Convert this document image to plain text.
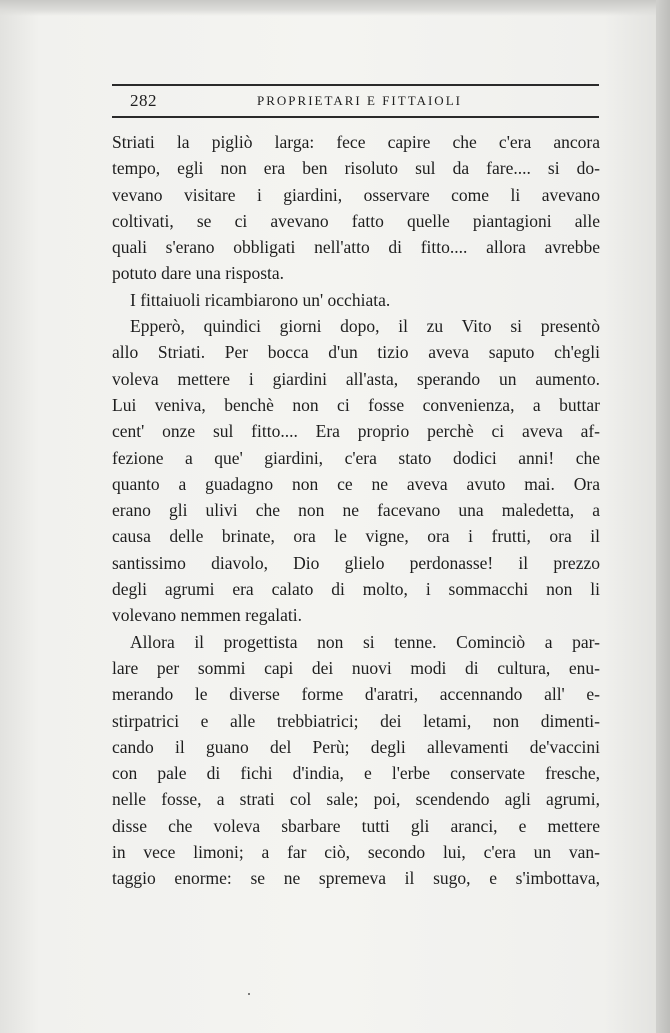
282	PROPRIETARI E FITTAIOLI
Striati la pigliò larga: fece capire che c'era ancora
tempo, egli non era ben risoluto sul da fare.... si do-
vevano visitare i giardini, osservare come li avevano
coltivati, se ci avevano fatto quelle piantagioni alle
quali s'erano obbligati nell'atto di fitto.... allora avrebbe
potuto dare una risposta.
I fittaiuoli ricambiarono un' occhiata.
Epperò, quindici giorni dopo, il zu Vito si presentò
allo Striati. Per bocca d'un tizio aveva saputo ch'egli
voleva mettere i giardini all'asta, sperando un aumento.
Lui veniva, benchè non ci fosse convenienza, a buttar
cent' onze sul fitto.... Era proprio perchè ci aveva af-
fezione a que' giardini, c'era stato dodici anni! che
quanto a guadagno non ce ne aveva avuto mai. Ora
erano gli ulivi che non ne facevano una maledetta, a
causa delle brinate, ora le vigne, ora i frutti, ora il
santissimo diavolo, Dio glielo perdonasse! il prezzo
degli agrumi era calato di molto, i sommacchi non li
volevano nemmen regalati.
Allora il progettista non si tenne. Cominciò a par-
lare per sommi capi dei nuovi modi di cultura, enu-
merando le diverse forme d'aratri, accennando all' e-
stirpatrici e alle trebbiatrici; dei letami, non dimenti-
cando il guano del Perù; degli allevamenti de'vaccini
con pale di fichi d'india, e l'erbe conservate fresche,
nelle fosse, a strati col sale; poi, scendendo agli agrumi,
disse che voleva sbarbare tutti gli aranci, e mettere
in vece limoni; a far ciò, secondo lui, c'era un van-
taggio enorme: se ne spremeva il sugo, e s'imbottava,
